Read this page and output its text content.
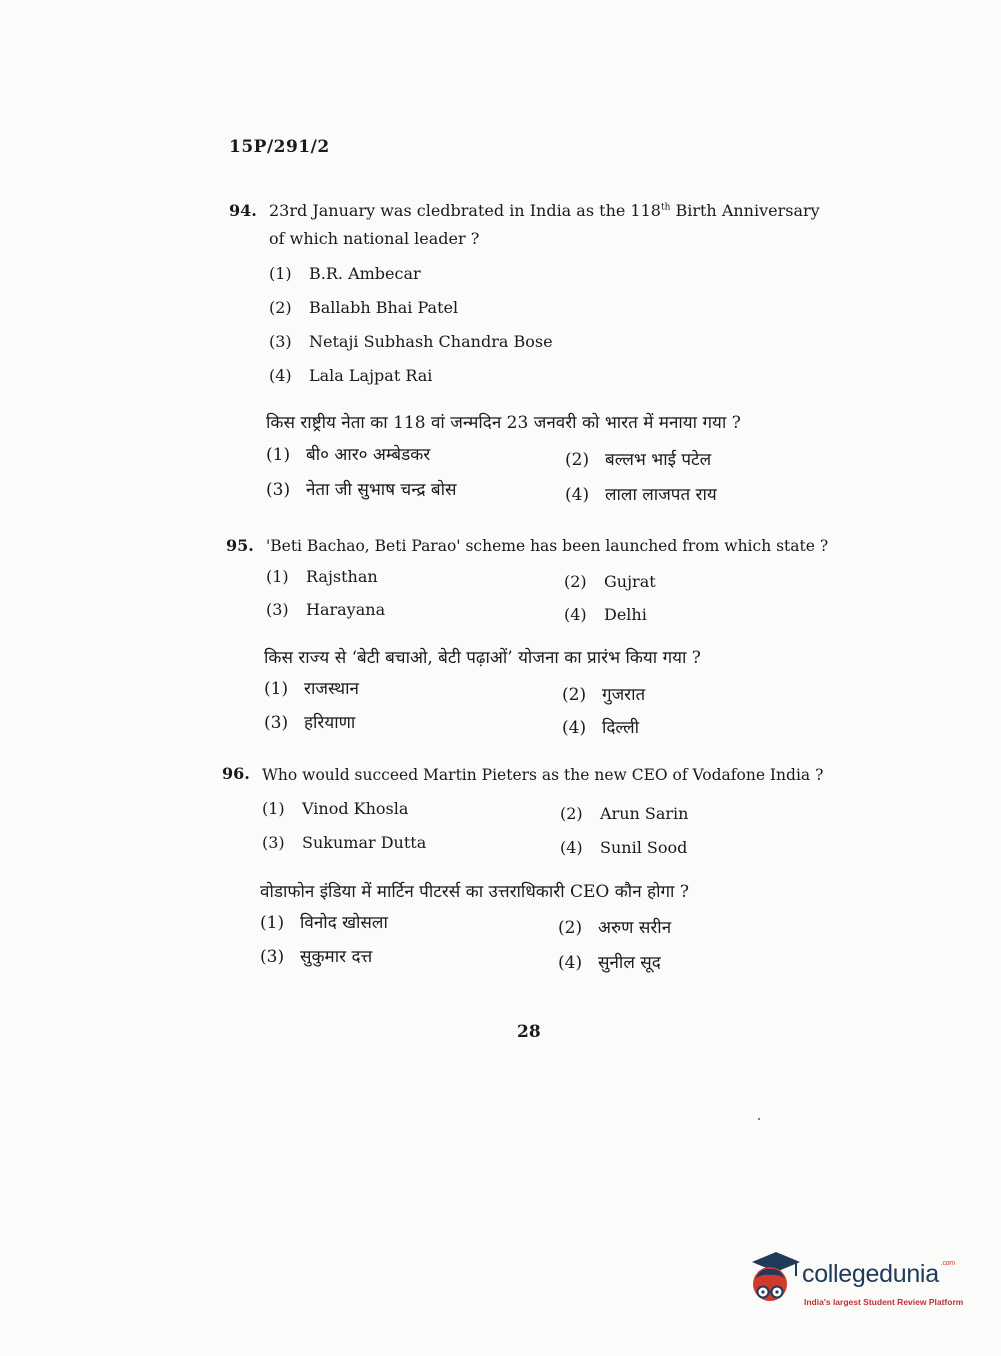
15P/291/2
94. 23rd January was cledbrated in India as the 118th Birth Anniversary
of which national leader ?
(1) B.R. Ambecar
(2) Ballabh Bhai Patel
(3) Netaji Subhash Chandra Bose
(4) Lala Lajpat Rai
किस राष्ट्रीय नेता का 118 वां जन्मदिन 23 जनवरी को भारत में मनाया गया ?
(1) बी० आर० अम्बेडकर	(2) बल्लभ भाई पटेल
(3) नेता जी सुभाष चन्द्र बोस	(4) लाला लाजपत राय
95. 'Beti Bachao, Beti Parao' scheme has been launched from which state ?
(1) Rajsthan	(2) Gujrat
(3) Harayana	(4) Delhi
किस राज्य से ‘बेटी बचाओ, बेटी पढ़ाओं’ योजना का प्रारंभ किया गया ?
(1) राजस्थान	(2) गुजरात
(3) हरियाणा	(4) दिल्ली
96. Who would succeed Martin Pieters as the new CEO of Vodafone India ?
(1) Vinod Khosla	(2) Arun Sarin
(3) Sukumar Dutta	(4) Sunil Sood
वोडाफोन इंडिया में मार्टिन पीटरर्स का उत्तराधिकारी CEO कौन होगा ?
(1) विनोद खोसला	(2) अरुण सरीन
(3) सुकुमार दत्त	(4) सुनील सूद
28
collegedunia $^{.com}$
India's largest Student Review Platform
